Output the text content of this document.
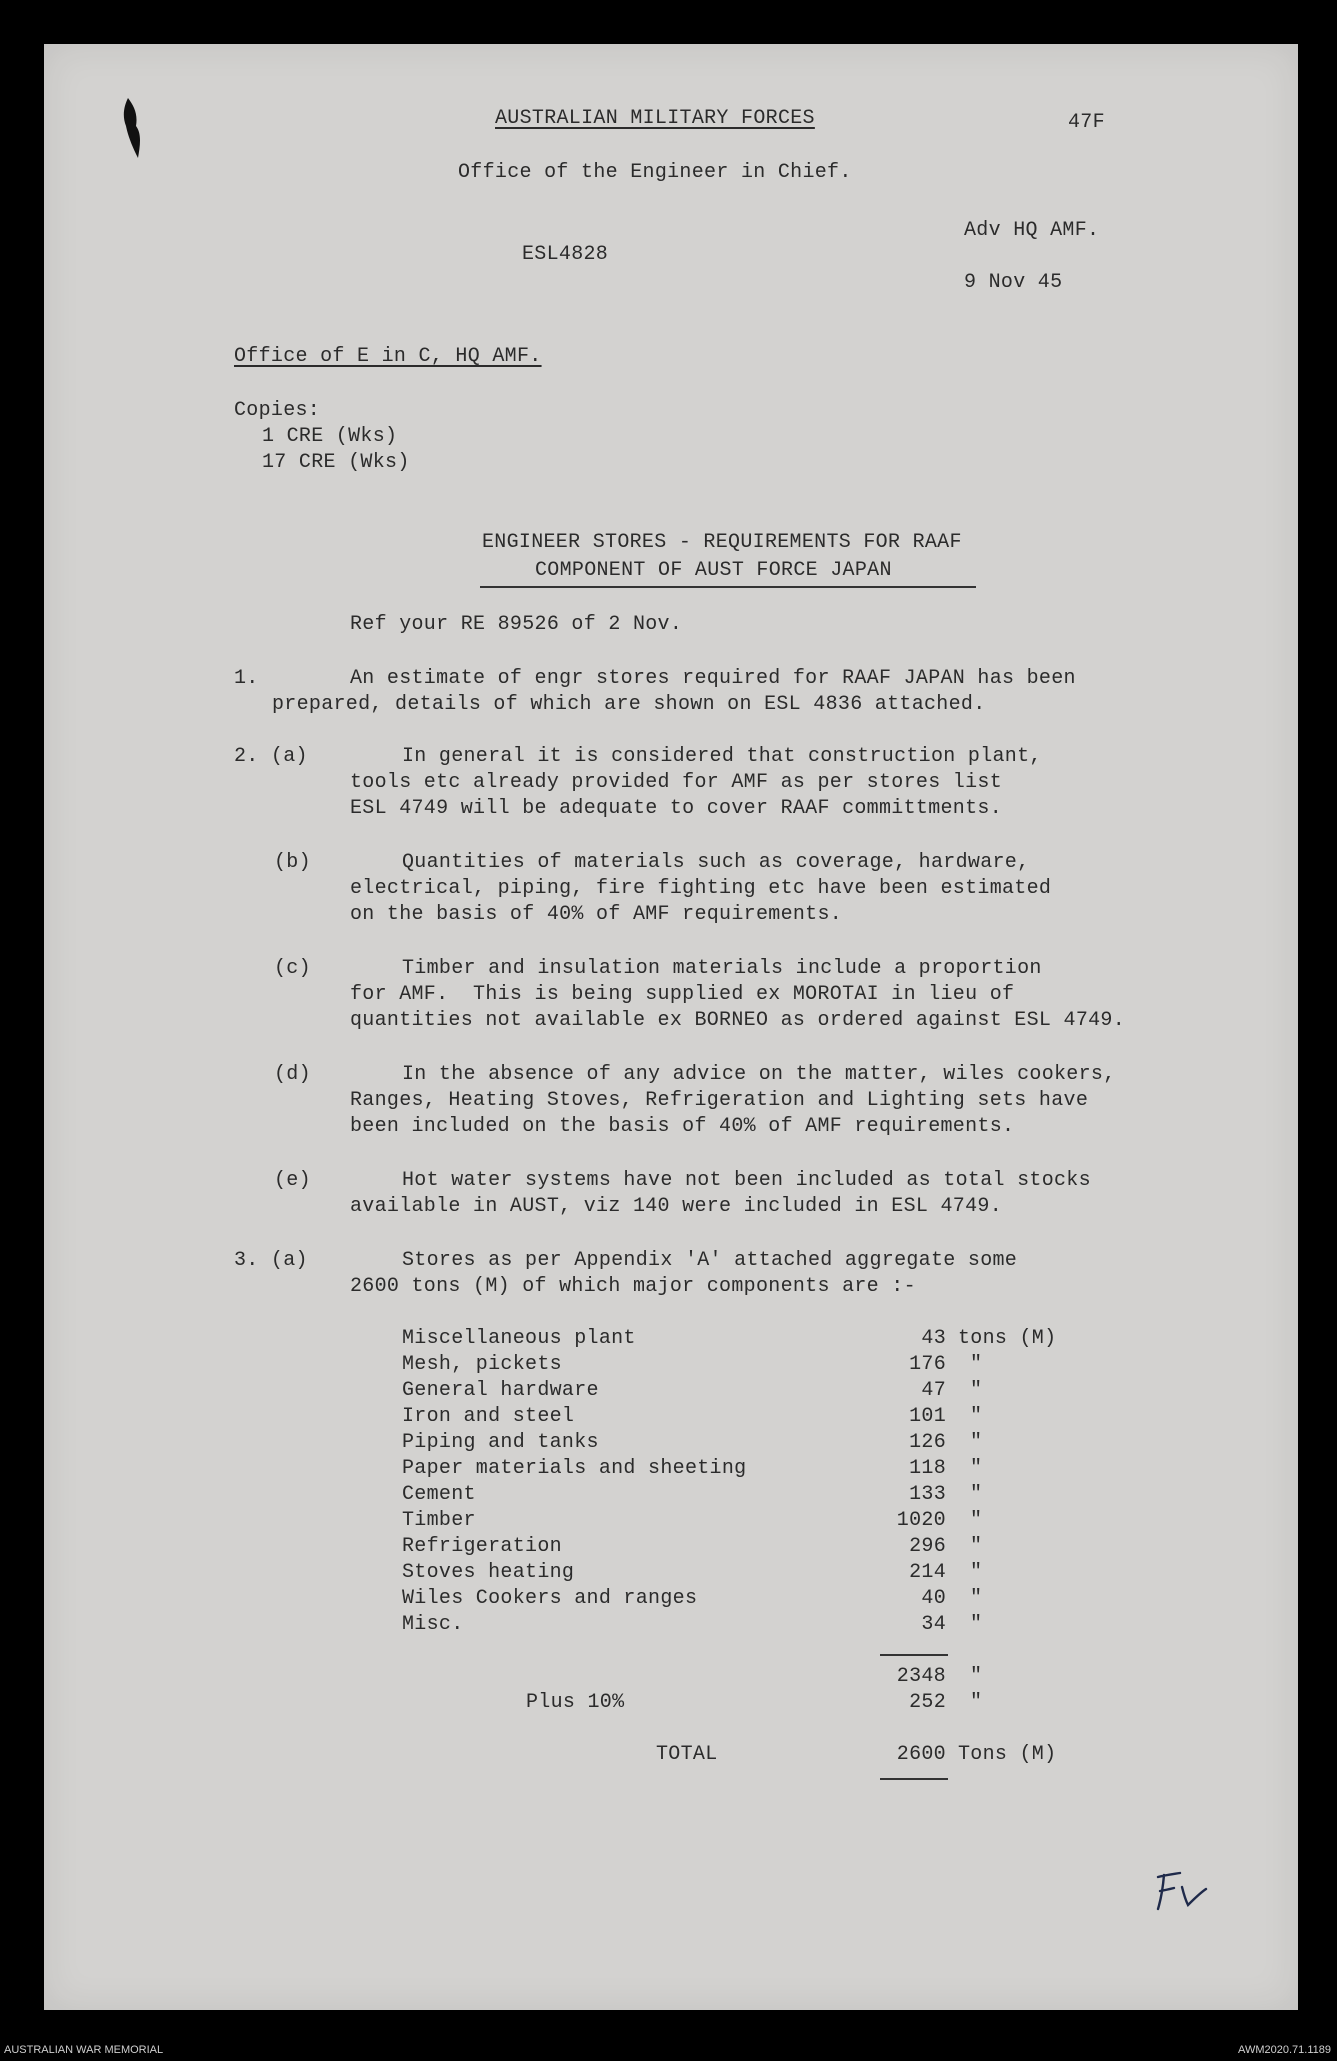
AUSTRALIAN MILITARY FORCES	47F
Office of the Engineer in Chief.
Adv HQ AMF.
ESL4828
9 Nov 45
Office of E in C, HQ AMF.
Copies:
1 CRE (Wks)
17 CRE (Wks)
ENGINEER STORES - REQUIREMENTS FOR RAAF
COMPONENT OF AUST FORCE JAPAN
Ref your RE 89526 of 2 Nov.
1.	An estimate of engr stores required for RAAF JAPAN has been
prepared, details of which are shown on ESL 4836 attached.
2. (a)	In general it is considered that construction plant,
tools etc already provided for AMF as per stores list
ESL 4749 will be adequate to cover RAAF committments.
(b)	Quantities of materials such as coverage, hardware,
electrical, piping, fire fighting etc have been estimated
on the basis of 40% of AMF requirements.
(c)	Timber and insulation materials include a proportion
for AMF.  This is being supplied ex MOROTAI in lieu of
quantities not available ex BORNEO as ordered against ESL 4749.
(d)	In the absence of any advice on the matter, wiles cookers,
Ranges, Heating Stoves, Refrigeration and Lighting sets have
been included on the basis of 40% of AMF requirements.
(e)	Hot water systems have not been included as total stocks
available in AUST, viz 140 were included in ESL 4749.
3. (a)	Stores as per Appendix 'A' attached aggregate some
2600 tons (M) of which major components are :-
Miscellaneous plant	43 tons (M)
Mesh, pickets	176 "
General hardware	47 "
Iron and steel	101 "
Piping and tanks	126 "
Paper materials and sheeting	118 "
Cement	133 "
Timber	1020 "
Refrigeration	296 "
Stoves heating	214 "
Wiles Cookers and ranges	40 "
Misc.	34 "
2348 "
Plus 10%	252 "
TOTAL	2600 Tons (M)
AUSTRALIAN WAR MEMORIAL	AWM2020.71.1189
